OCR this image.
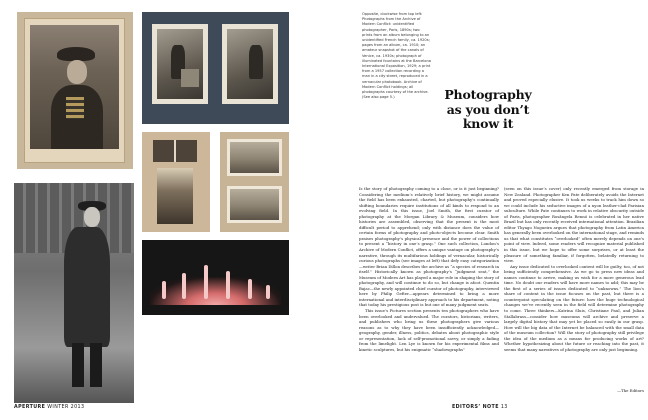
APERTURE WINTER 2013

Opposite, clockwise from top left: Photographs from the Archive of Modern Conflict: unidentified photographer, Paris, 1890s; two prints from an album belonging to an unidentified French family, ca. 1920s; pages from an album, ca. 1910; an amateur snapshot of the canals of Venice, ca. 1930s; photograph of illuminated fountains at the Barcelona International Exposition, 1929; a print from a 1957 collection recording a man in a city street, reproduced in a vernacular photobook. Archive of Modern Conflict holdings; all photographs courtesy of the archive. (See also page 5.)	Photography
as you don’t know it

Is the story of photography coming to a close, or is it just beginning? Considering the medium’s relatively brief history, we might assume the field has been exhausted, charted, but photography’s continually shifting boundaries require institutions of all kinds to respond to an evolving field. In this issue, Joel Smith, the first curator of photography at the Morgan Library & Museum, considers how histories are assembled, observing that the present is the most difficult period to apprehend; only with distance does the value of certain forms of photography and photo-objects become clear. Smith praises photography’s physical presence and the power of collections to present a “history in one’s grasp.” One such collection, London’s Archive of Modern Conflict, offers a unique vantage on photography’s narrative, through its multifarious holdings of vernacular, historically curious photographs (see images at left) that defy easy categorization—writer Brian Dillon describes the archive as “a species of research in itself.” Historically known as photography’s “judgment seat,” the Museum of Modern Art has played a major role in shaping the story of photography, and will continue to do so, but change is afoot. Quentin Bajac—the newly appointed chief curator of photography, interviewed here by Philip Gefter—appears determined to bring a more international and interdisciplinary approach to his department, noting that today his prestigious post is but one of many judgment seats.

This issue’s Pictures section presents ten photographers who have been overlooked and undervalued. The curators, historians, writers, and publishers who bring us these photographers give various reasons as to why they have been insufficiently acknowledged—geography, gender, illness, politics, debates about photographic style or representation, lack of self-promotional savvy, or simply a fading from the limelight. Len Lye is known for his experimental films and kinetic sculptures, but his enigmatic “shadowgraphs”

(seen on this issue’s cover) only recently emerged from storage in New Zealand. Photographer Ken Pate deliberately avoids the Internet and proved especially elusive. It took us weeks to track him down so we could include his seductive images of a nyon leather-clad Parisian subculture. While Pate continues to work in relative obscurity outside of Paris, photographer Rosângela Rennó is celebrated in her native Brazil but has only recently received international attention. Brazilian editor Thyago Nogueira argues that photography from Latin America has generally been overlooked on the international stage, and reminds us that what constitutes “overlooked” often merely depends on one’s point of view. Indeed, some readers will recognize material published in this issue, but we hope to offer some surprises, or at least the pleasure of something familiar, if forgotten, belatedly returning to view.

Any issue dedicated to overlooked content will be guilty, too, of not being sufficiently comprehensive. As we go to press new ideas and names continue to arrive, making us wish for a more generous lead time. No doubt our readers will have more names to add; this may be the first of a series of issues dedicated to “unknowns.” The lion’s share of content in the issue focuses on the past, but there is a counterpoint speculating on the future: how the huge technological changes we’ve recently seen in the field will determine photography to come. Three thinkers—Katrina Sluis, Christiane Paul, and Julian Stallabrass—consider how museums will archive and preserve a largely digital history that may yet be placed so easily in our grasp. How will the big data of the Internet be balanced with the small data of the museum collection? Will the story of photography still privilege the idea of the medium as a means for producing works of art? Whether hypothesizing about the future or reaching into the past, it seems that many narratives of photography are only just beginning.

—The Editors
EDITORS’ NOTE 13
